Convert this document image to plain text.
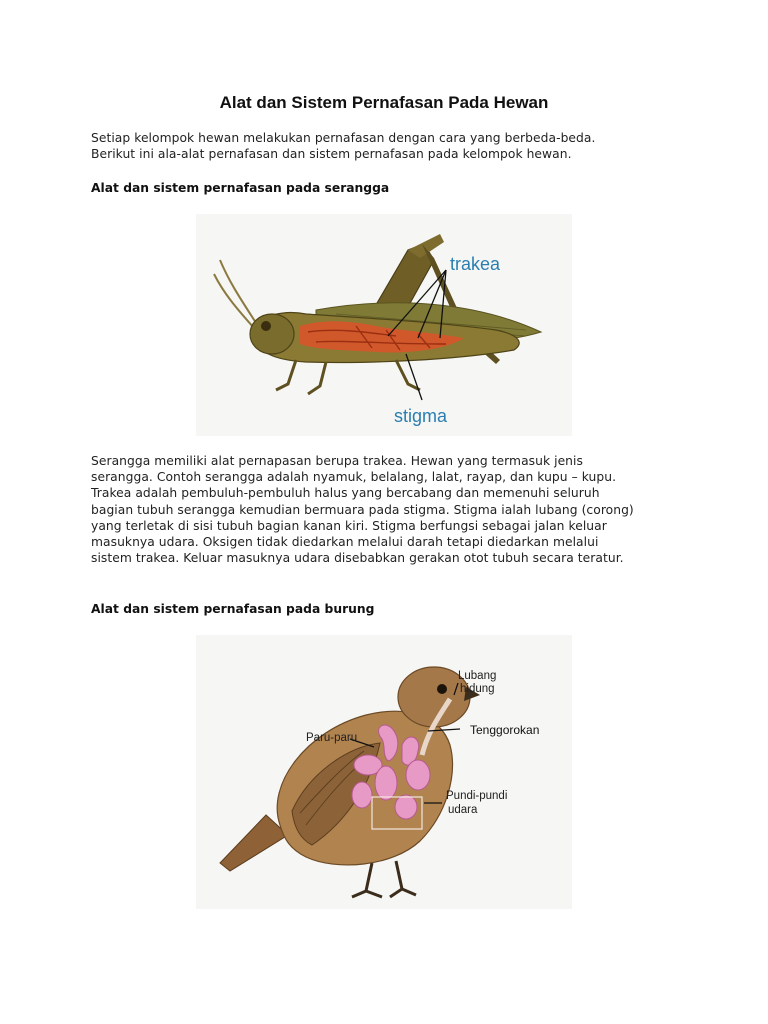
Alat dan Sistem Pernafasan Pada Hewan
Setiap kelompok hewan melakukan pernafasan dengan cara yang berbeda-beda.
Berikut ini ala-alat pernafasan dan sistem pernafasan pada kelompok hewan.
Alat dan sistem pernafasan pada serangga
trakea
stigma
Serangga memiliki alat pernapasan berupa trakea. Hewan yang termasuk jenis
serangga. Contoh serangga adalah nyamuk, belalang, lalat, rayap, dan kupu – kupu.
Trakea adalah pembuluh-pembuluh halus yang bercabang dan memenuhi seluruh
bagian tubuh serangga kemudian bermuara pada stigma. Stigma ialah lubang (corong)
yang terletak di sisi tubuh bagian kanan kiri. Stigma berfungsi sebagai jalan keluar
masuknya udara. Oksigen tidak diedarkan melalui darah tetapi diedarkan melalui
sistem trakea. Keluar masuknya udara disebabkan gerakan otot tubuh secara teratur.
Alat dan sistem pernafasan pada burung
Lubang
hidung
Tenggorokan
Paru-paru
Pundi-pundi
udara
